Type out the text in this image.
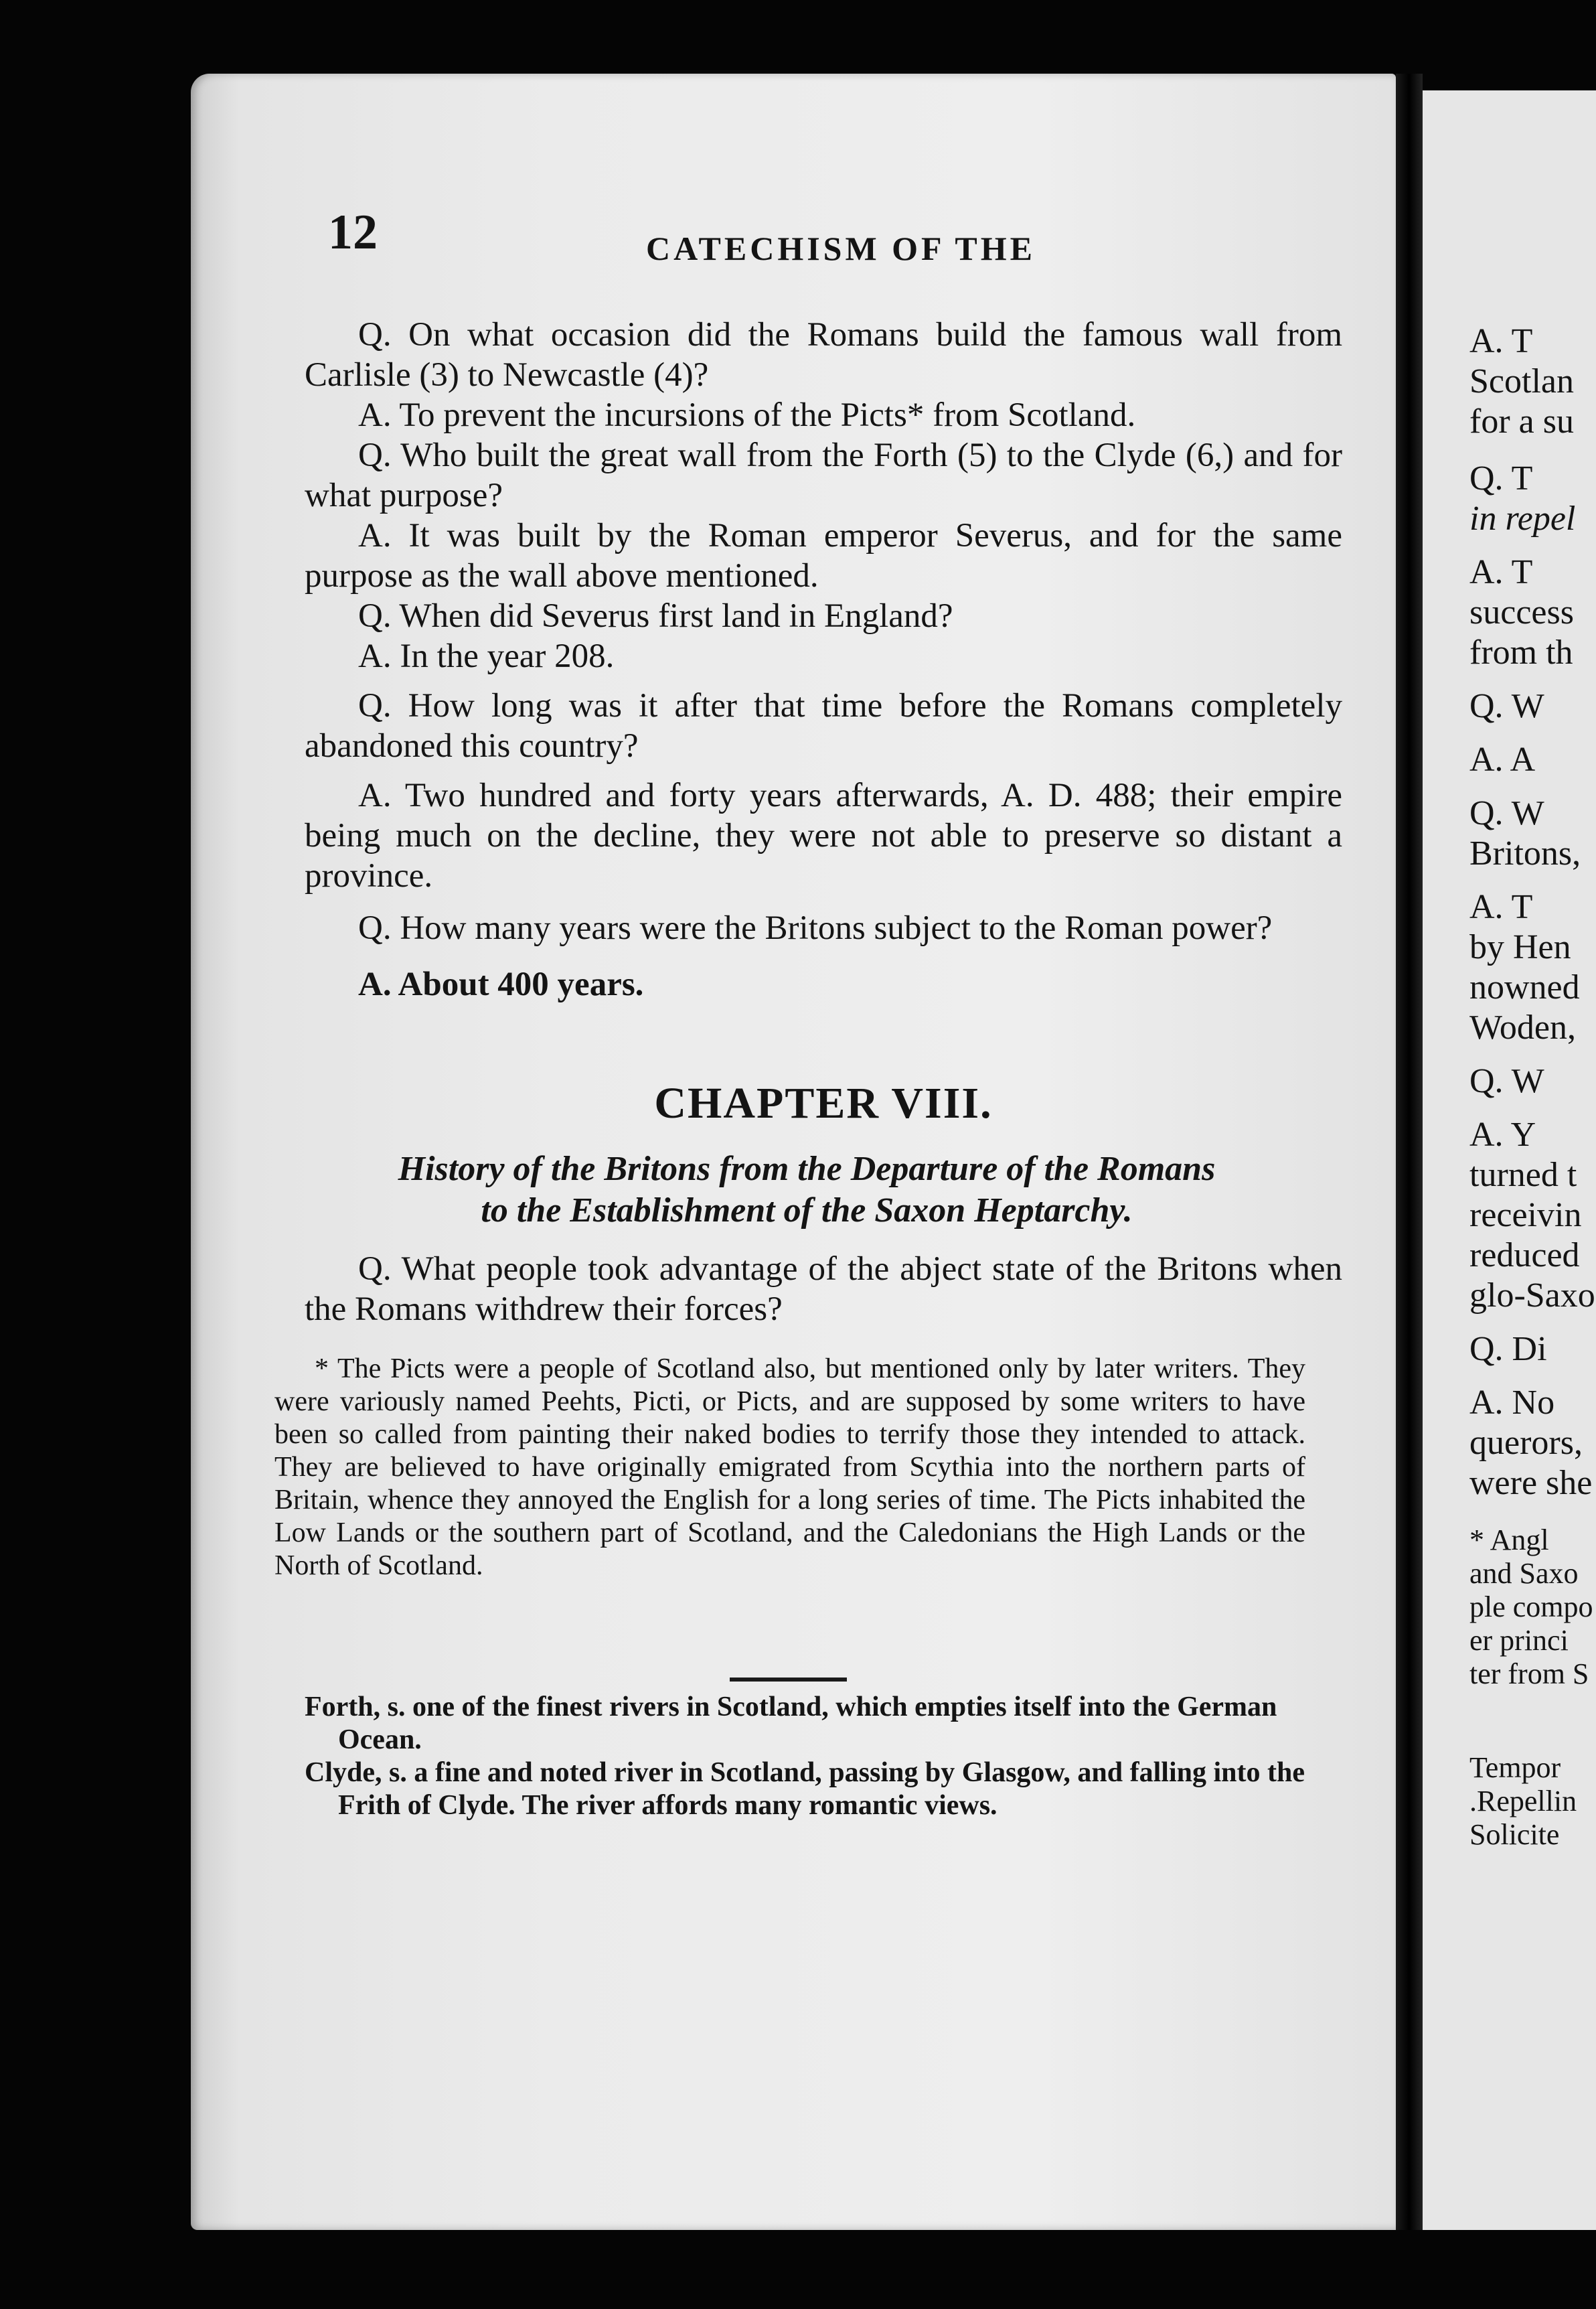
12	CATECHISM OF THE

Q. On what occasion did the Romans build the famous wall from Carlisle (3) to Newcastle (4)?

A. To prevent the incursions of the Picts* from Scotland.

Q. Who built the great wall from the Forth (5) to the Clyde (6,) and for what purpose?

A. It was built by the Roman emperor Severus, and for the same purpose as the wall above mentioned.

Q. When did Severus first land in England?

A. In the year 208.

Q. How long was it after that time before the Romans completely abandoned this country?

A. Two hundred and forty years afterwards, A. D. 488; their empire being much on the decline, they were not able to preserve so distant a province.

Q. How many years were the Britons subject to the Roman power?

A. About 400 years.

CHAPTER VIII.
History of the Britons from the Departure of the Romans
to the Establishment of the Saxon Heptarchy.

Q. What people took advantage of the abject state of the Britons when the Romans withdrew their forces?

* The Picts were a people of Scotland also, but mentioned only by later writers. They were variously named Peehts, Picti, or Picts, and are supposed by some writers to have been so called from painting their naked bodies to terrify those they intended to attack. They are believed to have originally emigrated from Scythia into the northern parts of Britain, whence they annoyed the English for a long series of time. The Picts inhabited the Low Lands or the southern part of Scotland, and the Caledonians the High Lands or the North of Scotland.

Forth, s. one of the finest rivers in Scotland, which empties itself into the German Ocean.

Clyde, s. a fine and noted river in Scotland, passing by Glasgow, and falling into the Frith of Clyde. The river affords many romantic views.

A. T
Scotlan
for a su
Q. T
in repel
A. T
success
from th
Q. W
A. A
Q. W
Britons,
A. T
by Hen
nowned
Woden,
Q. W
A. Y
turned t
receivin
reduced
glo-Saxo
Q. Di
A. No
querors,
were she
* Angl
and Saxo
ple compo
er princi
ter from S
Tempor
.Repellin
Solicite
